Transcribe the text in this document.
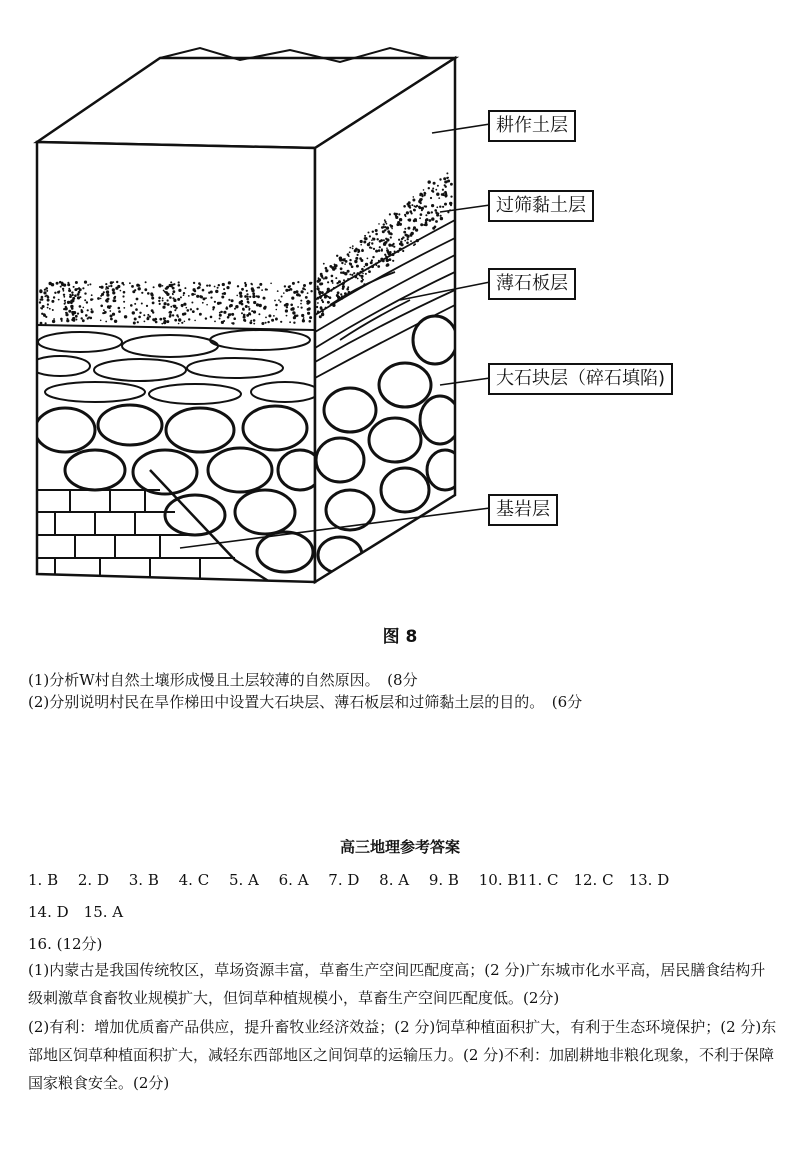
耕作土层
过筛黏土层
薄石板层
大石块层（碎石填陷)
基岩层
图 8
(1)分析W村自然土壤形成慢且土层较薄的自然原因。　(8分
(2)分别说明村民在旱作梯田中设置大石块层、薄石板层和过筛黏土层的目的。　(6分
高三地理参考答案
1. B　 2. D　 3. B　 4. C　 5. A　 6. A　 7. D　 8. A　 9. B　 10. B11. C　12. C　13. D
14. D　15. A
16. (12分)
(1)内蒙古是我国传统牧区，草场资源丰富，草畜生产空间匹配度高；(2 分)广东城市化水平高，居民膳食结构升级刺激草食畜牧业规模扩大，但饲草种植规模小，草畜生产空间匹配度低。(2分)
(2)有利：增加优质畜产品供应，提升畜牧业经济效益；(2 分)饲草种植面积扩大，有利于生态环境保护；(2 分)东部地区饲草种植面积扩大，减轻东西部地区之间饲草的运输压力。(2 分)不利：加剧耕地非粮化现象，不利于保障国家粮食安全。(2分)
